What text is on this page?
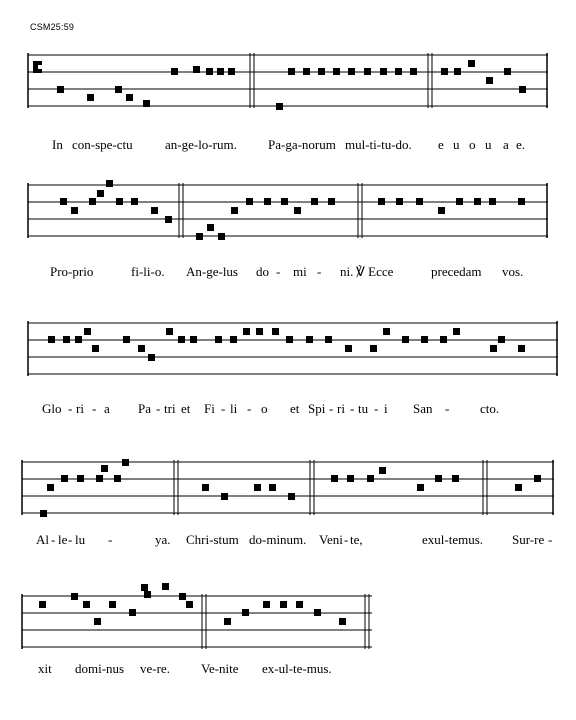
CSM25:59
In con-spe-ctu an-ge-lo-rum. Pa-ga-norum mul-ti-tu-do. e u o u a e.
Pro-prio	fi-li-o. An-ge-lus do - mi - ni. ℣ Ecce	precedam vos.
Glo - ri - a Pa - tri et Fi - li - o et Spi - ri - tu - i San - cto.
Al - le - lu -	ya. Chri-stum do-minum. Veni - te,	exul-temus. Sur-re -
xit domi-nus ve-re. Ve-nite ex-ul-te-mus.
